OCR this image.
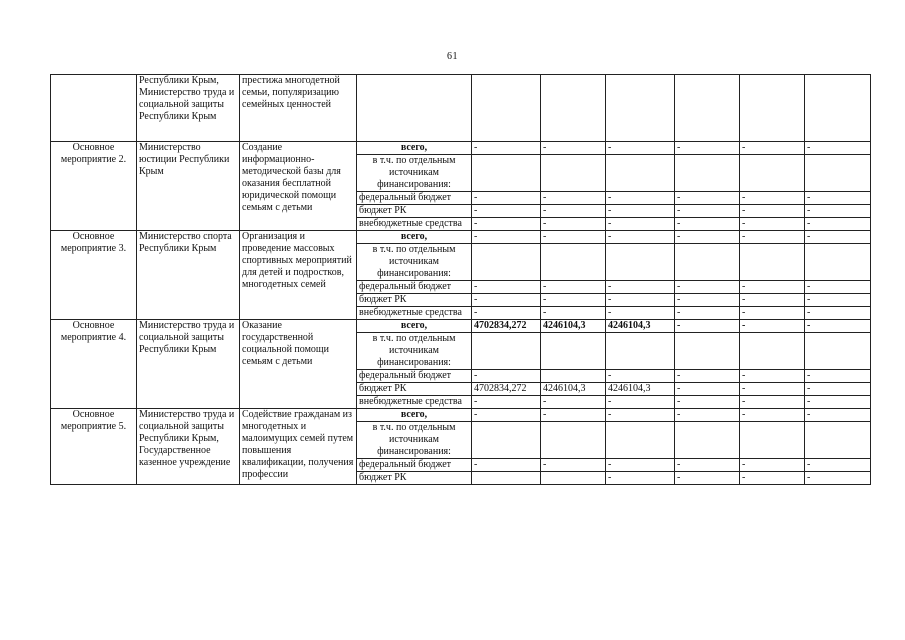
61
	Республики Крым, Министерство труда и социальной защиты Республики Крым	престижа многодетной семьи, популяризацию семейных ценностей							
Основное мероприятие 2.	Министерство юстиции Республики Крым	Создание информационно-методической базы для оказания бесплатной юридической помощи семьям с детьми	всего,	-	-	-	-	-	-
			в т.ч. по отдельным источникам финансирования:						
			федеральный бюджет	-	-	-	-	-	-
			бюджет РК	-	-	-	-	-	-
			внебюджетные средства	-	-	-	-	-	-
Основное мероприятие 3.	Министерство спорта Республики Крым	Организация и проведение массовых спортивных мероприятий для детей и подростков, многодетных семей	всего,	-	-	-	-	-	-
			в т.ч. по отдельным источникам финансирования:						
			федеральный бюджет	-	-	-	-	-	-
			бюджет РК	-	-	-	-	-	-
			внебюджетные средства	-	-	-	-	-	-
Основное мероприятие 4.	Министерство труда и социальной защиты Республики Крым	Оказание государственной социальной помощи семьям с детьми	всего,	4702834,272	4246104,3	4246104,3	-	-	-
			в т.ч. по отдельным источникам финансирования:						
			федеральный бюджет	-		-	-	-	-
			бюджет РК	4702834,272	4246104,3	4246104,3	-	-	-
			внебюджетные средства	-	-	-	-	-	-
Основное мероприятие 5.	Министерство труда и социальной защиты Республики Крым, Государственное казенное учреждение	Содействие гражданам из многодетных и малоимущих семей путем повышения квалификации, получения профессии	всего,	-	-	-	-	-	-
			в т.ч. по отдельным источникам финансирования:						
			федеральный бюджет	-	-	-	-	-	-
			бюджет РК			-	-	-	-
